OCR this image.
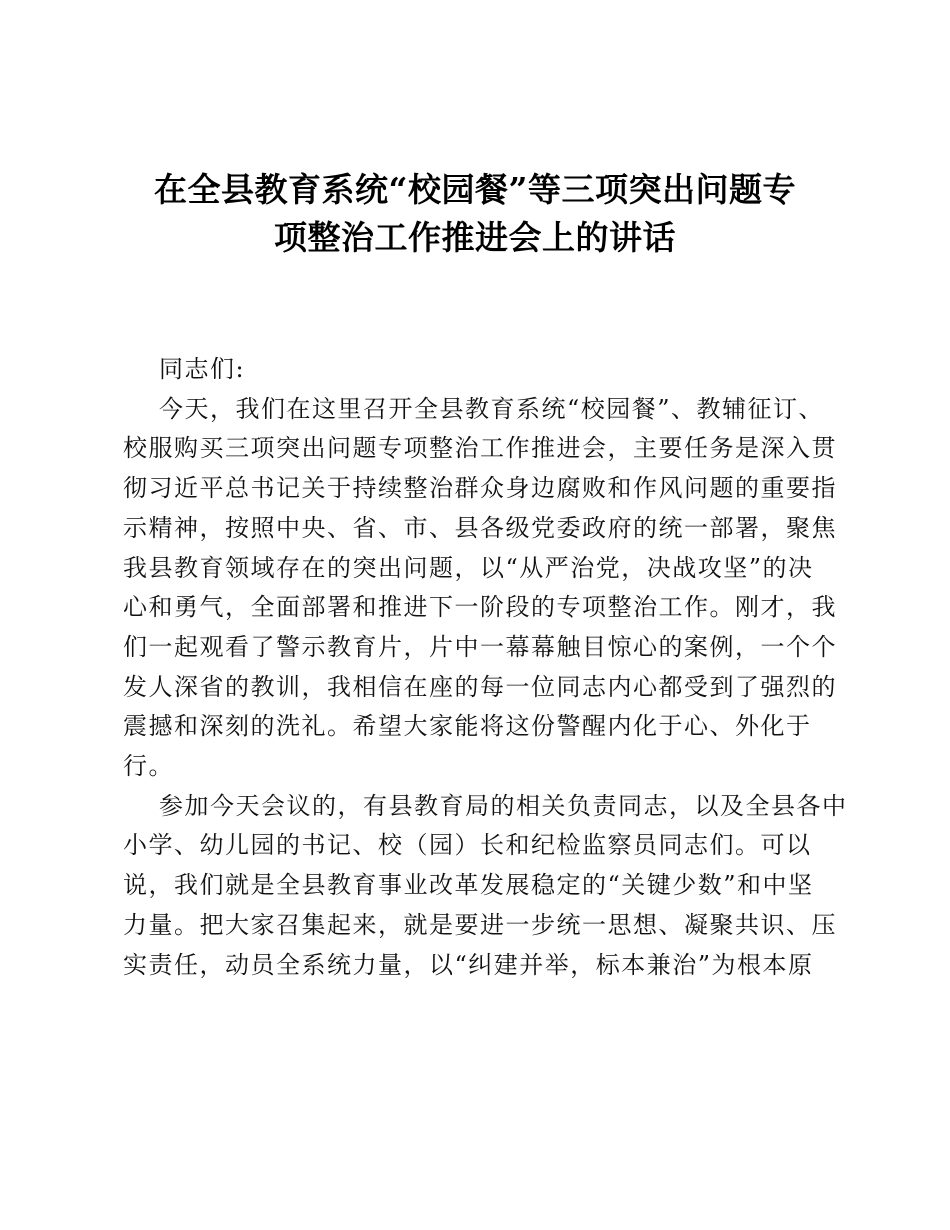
在全县教育系统“校园餐”等三项突出问题专
项整治工作推进会上的讲话
同志们:
今天，我们在这里召开全县教育系统“校园餐”、教辅征订、
校服购买三项突出问题专项整治工作推进会，主要任务是深入贯
彻习近平总书记关于持续整治群众身边腐败和作风问题的重要指
示精神，按照中央、省、市、县各级党委政府的统一部署，聚焦
我县教育领域存在的突出问题，以“从严治党，决战攻坚”的决
心和勇气，全面部署和推进下一阶段的专项整治工作。刚才，我
们一起观看了警示教育片，片中一幕幕触目惊心的案例，一个个
发人深省的教训，我相信在座的每一位同志内心都受到了强烈的
震撼和深刻的洗礼。希望大家能将这份警醒内化于心、外化于
行。
参加今天会议的，有县教育局的相关负责同志，以及全县各中
小学、幼儿园的书记、校（园）长和纪检监察员同志们。可以
说，我们就是全县教育事业改革发展稳定的“关键少数”和中坚
力量。把大家召集起来，就是要进一步统一思想、凝聚共识、压
实责任，动员全系统力量，以“纠建并举，标本兼治”为根本原
